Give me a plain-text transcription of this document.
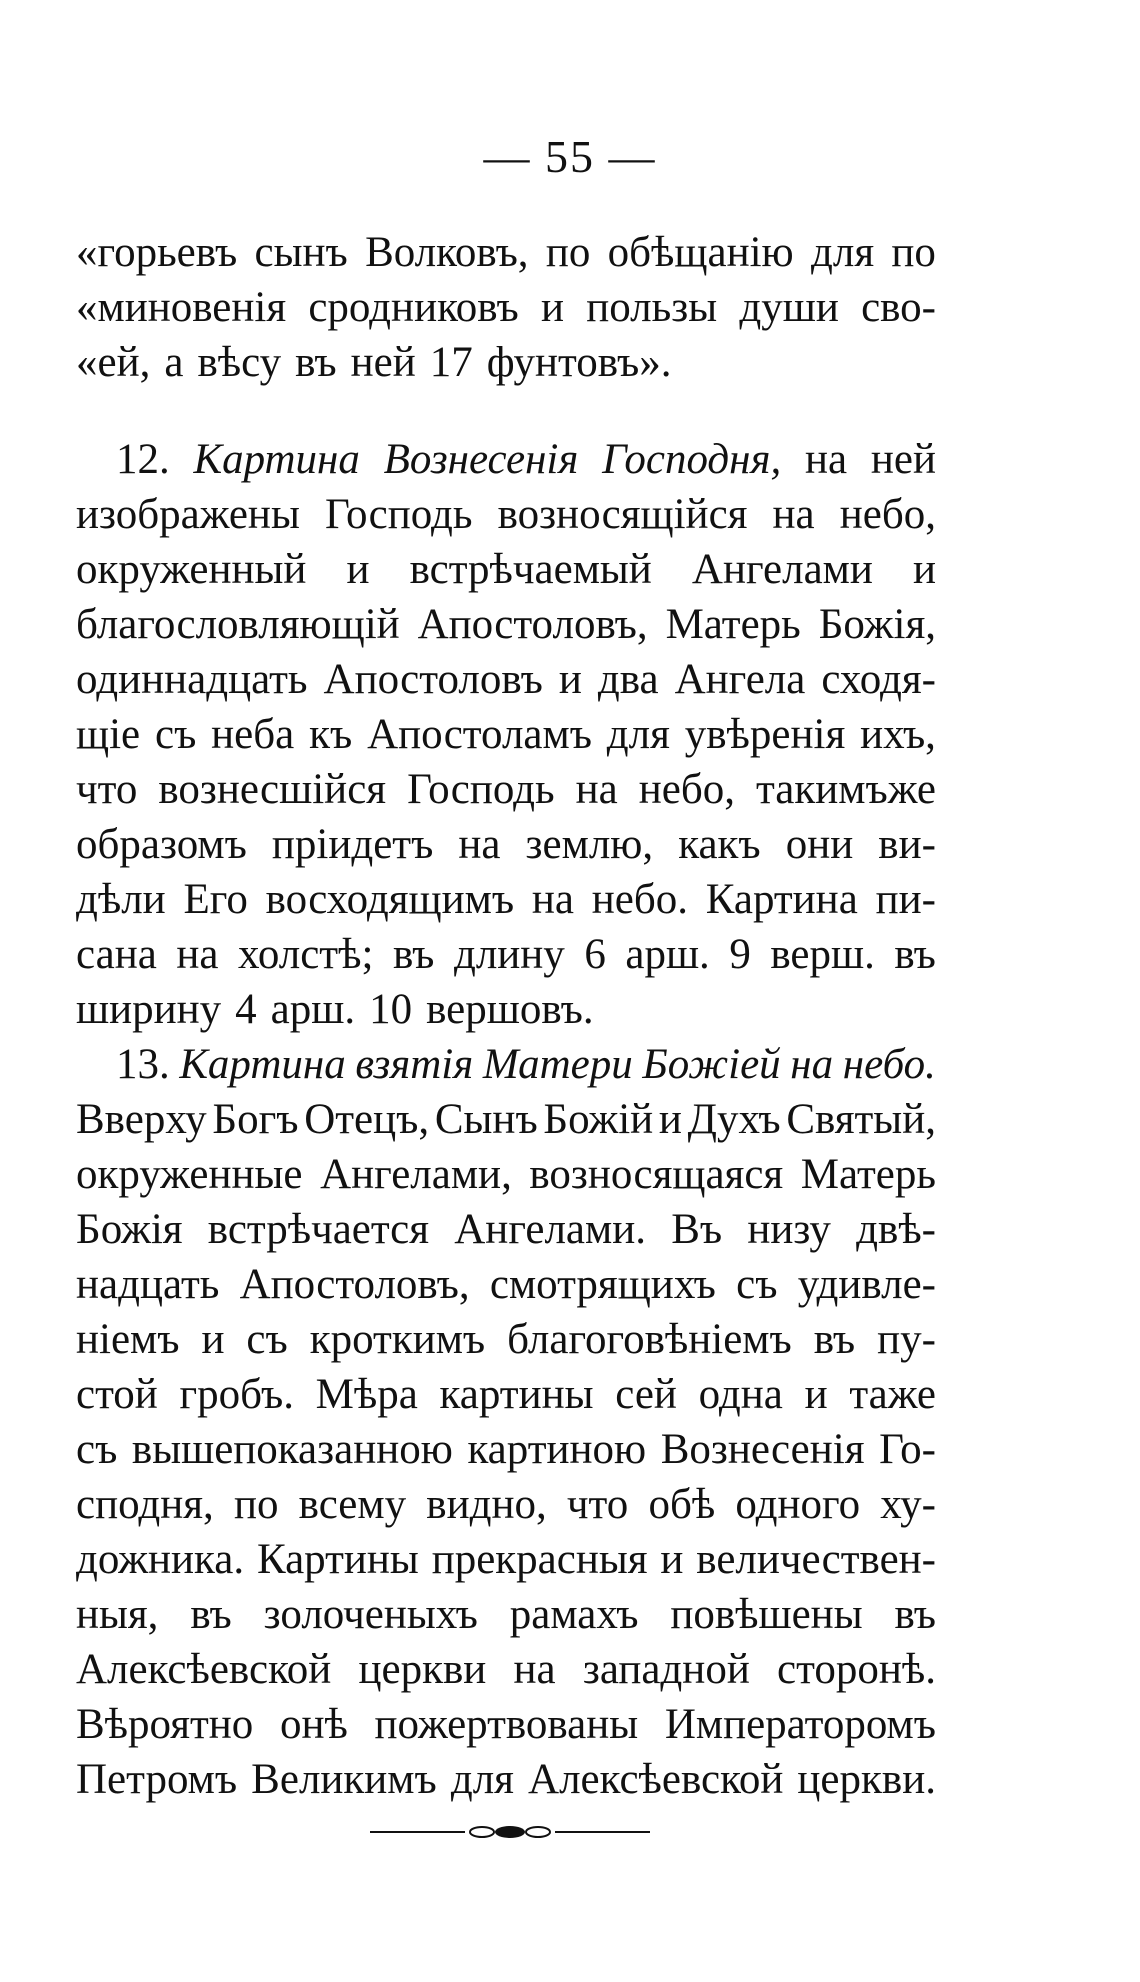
— 55 —
«горьевъ сынъ Волковъ, по обѣщанію для по
«миновенія сродниковъ и пользы души сво-
«ей, а вѣсу въ ней 17 фунтовъ».
12. Картина Вознесенія Господня, на ней
изображены Господь возносящійся на небо,
окруженный и встрѣчаемый Ангелами и
благословляющій Апостоловъ, Матерь Божія,
одиннадцать Апостоловъ и два Ангела сходя-
щіе съ неба къ Апостоламъ для увѣренія ихъ,
что вознесшійся Господь на небо, такимъже
образомъ пріидетъ на землю, какъ они ви-
дѣли Его восходящимъ на небо. Картина пи-
сана на холстѣ; въ длину 6 арш. 9 верш. въ
ширину 4 арш. 10 вершовъ.
13. Картина взятія Матери Божіей на небо.
Вверху Богъ Отецъ, Сынъ Божій и Духъ Святый,
окруженные Ангелами, возносящаяся Матерь
Божія встрѣчается Ангелами. Въ низу двѣ-
надцать Апостоловъ, смотрящихъ съ удивле-
ніемъ и съ кроткимъ благоговѣніемъ въ пу-
стой гробъ. Мѣра картины сей одна и таже
съ вышепоказанною картиною Вознесенія Го-
сподня, по всему видно, что обѣ одного ху-
дожника. Картины прекрасныя и величествен-
ныя, въ золоченыхъ рамахъ повѣшены въ
Алексѣевской церкви на западной сторонѣ.
Вѣроятно онѣ пожертвованы Императоромъ
Петромъ Великимъ для Алексѣевской церкви.
